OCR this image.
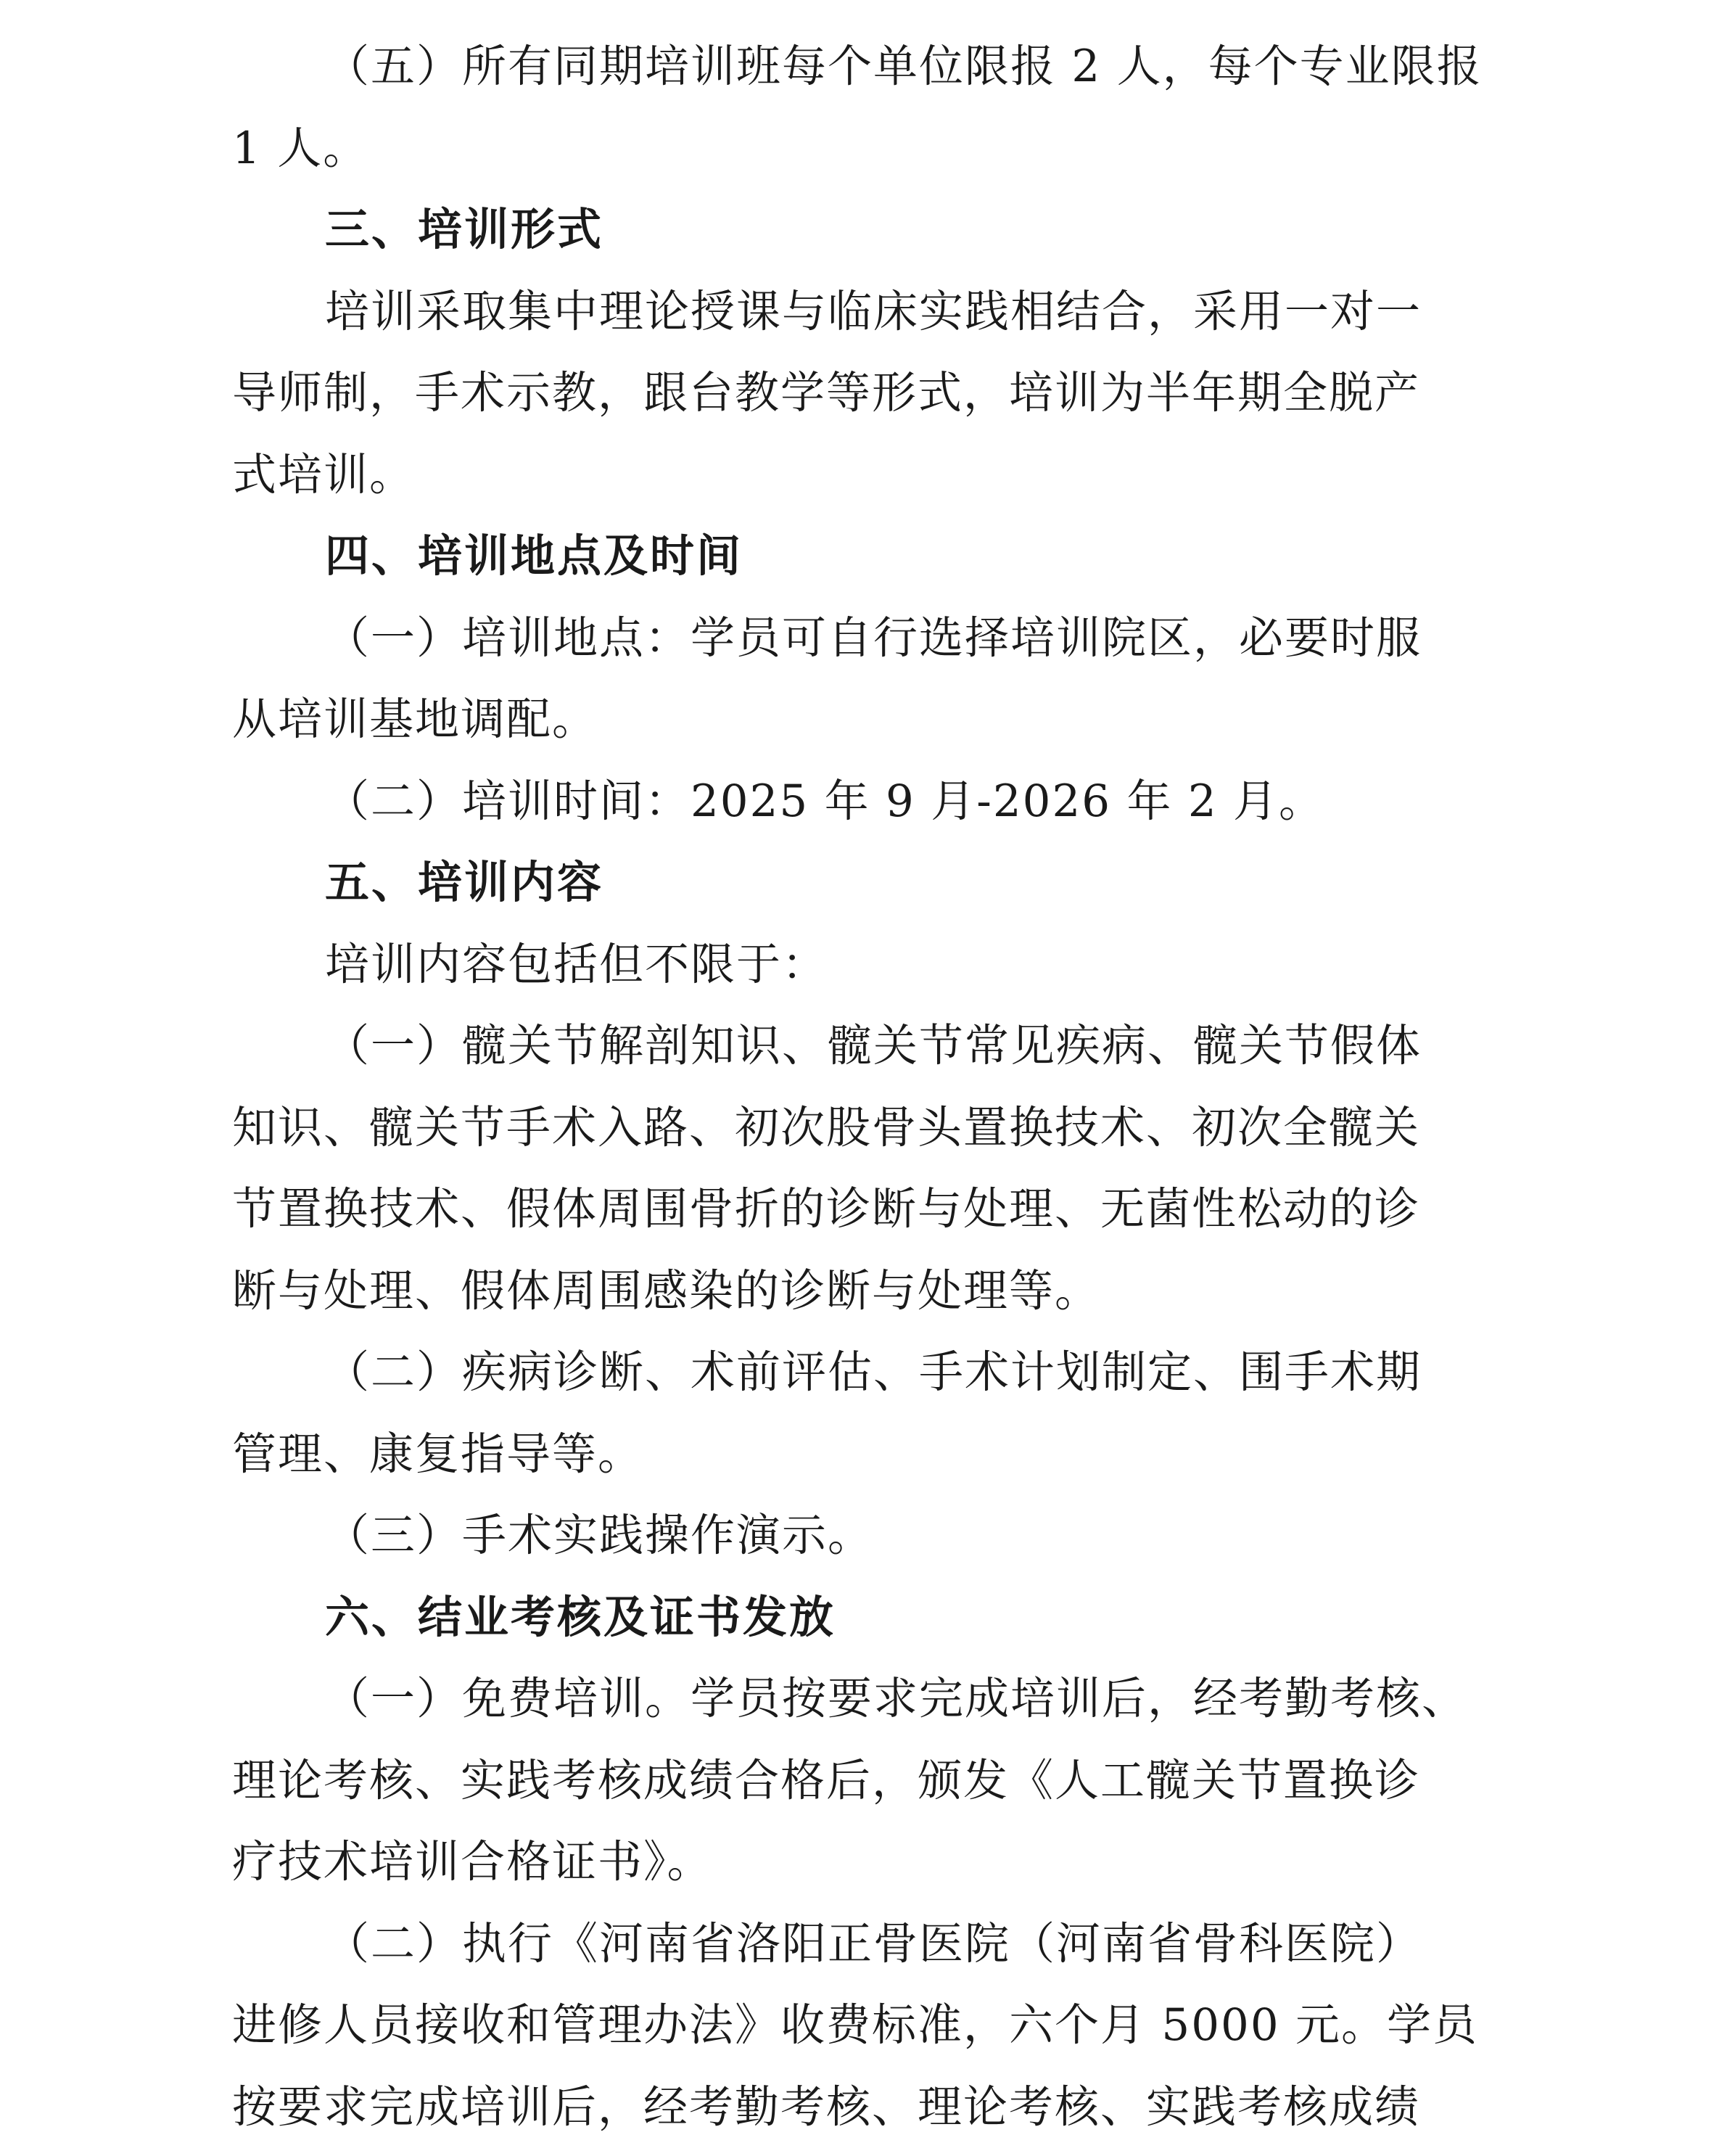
（五）所有同期培训班每个单位限报 2 人，每个专业限报
1 人。
三、培训形式
培训采取集中理论授课与临床实践相结合，采用一对一
导师制，手术示教，跟台教学等形式，培训为半年期全脱产
式培训。
四、培训地点及时间
（一）培训地点：学员可自行选择培训院区，必要时服
从培训基地调配。
（二）培训时间：2025 年 9 月-2026 年 2 月。
五、培训内容
培训内容包括但不限于：
（一）髋关节解剖知识、髋关节常见疾病、髋关节假体
知识、髋关节手术入路、初次股骨头置换技术、初次全髋关
节置换技术、假体周围骨折的诊断与处理、无菌性松动的诊
断与处理、假体周围感染的诊断与处理等。
（二）疾病诊断、术前评估、手术计划制定、围手术期
管理、康复指导等。
（三）手术实践操作演示。
六、结业考核及证书发放
（一）免费培训。学员按要求完成培训后，经考勤考核、
理论考核、实践考核成绩合格后，颁发《人工髋关节置换诊
疗技术培训合格证书》。
（二）执行《河南省洛阳正骨医院（河南省骨科医院）
进修人员接收和管理办法》收费标准，六个月 5000 元。学员
按要求完成培训后，经考勤考核、理论考核、实践考核成绩
